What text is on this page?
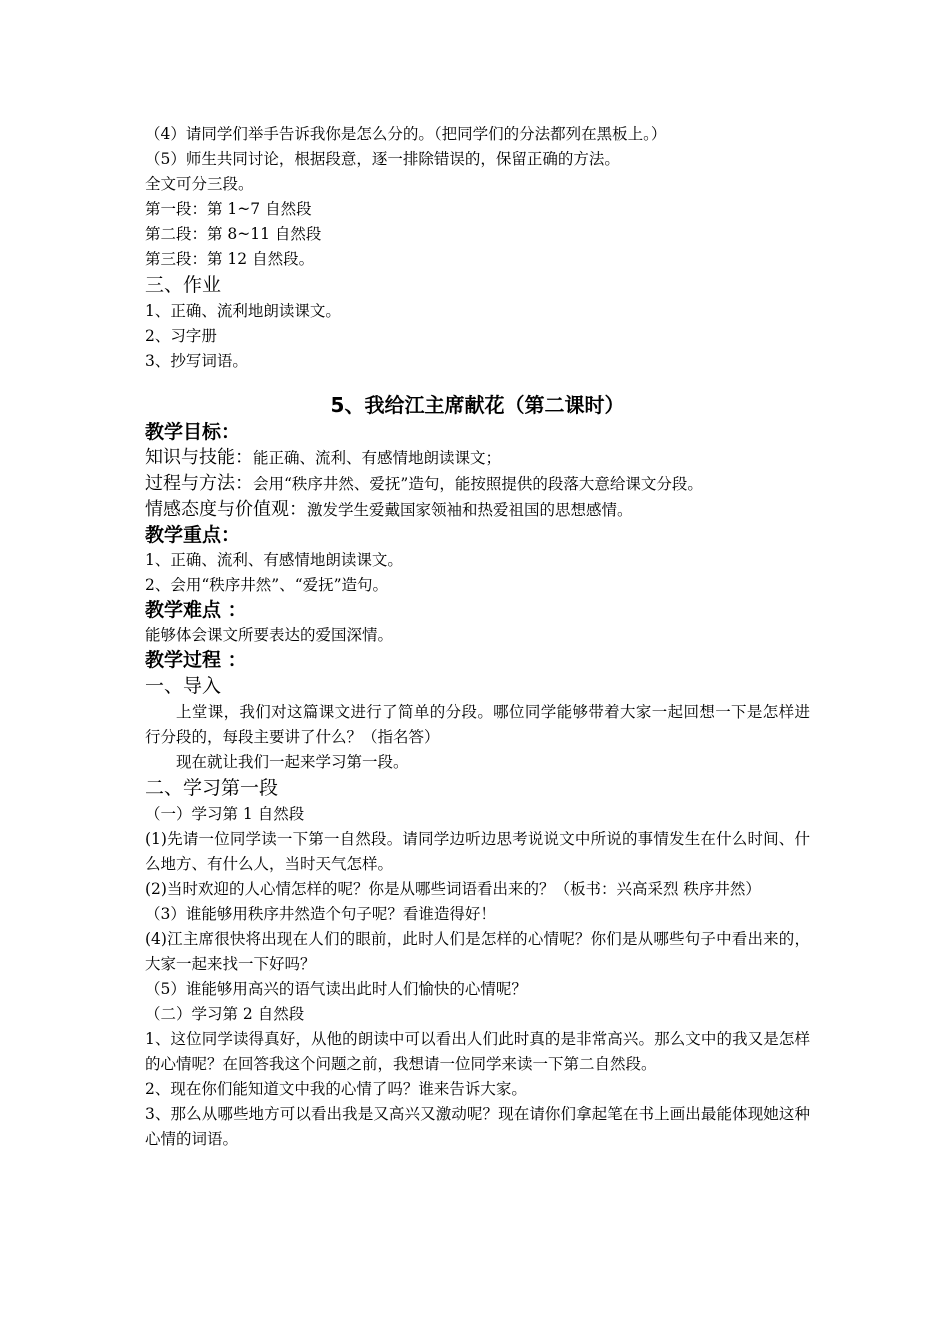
（4）请同学们举手告诉我你是怎么分的。（把同学们的分法都列在黑板上。）
（5）师生共同讨论，根据段意，逐一排除错误的，保留正确的方法。
全文可分三段。
第一段：第 1~7 自然段
第二段：第 8~11 自然段
第三段：第 12 自然段。
三、作业
1、正确、流利地朗读课文。
2、习字册
3、抄写词语。
5、我给江主席献花（第二课时）
教学目标：
知识与技能：能正确、流利、有感情地朗读课文；
过程与方法：会用“秩序井然、爱抚”造句，能按照提供的段落大意给课文分段。
情感态度与价值观：激发学生爱戴国家领袖和热爱祖国的思想感情。
教学重点：
1、正确、流利、有感情地朗读课文。
2、会用“秩序井然”、“爱抚”造句。
教学难点 ：
能够体会课文所要表达的爱国深情。
教学过程 ：
一、导入
上堂课，我们对这篇课文进行了简单的分段。哪位同学能够带着大家一起回想一下是怎样进行分段的，每段主要讲了什么？（指名答）
现在就让我们一起来学习第一段。
二、学习第一段
（一）学习第 1 自然段
(1)先请一位同学读一下第一自然段。请同学边听边思考说说文中所说的事情发生在什么时间、什么地方、有什么人，当时天气怎样。
(2)当时欢迎的人心情怎样的呢？你是从哪些词语看出来的？（板书：兴高采烈 秩序井然）
（3）谁能够用秩序井然造个句子呢？看谁造得好！
(4)江主席很快将出现在人们的眼前，此时人们是怎样的心情呢？你们是从哪些句子中看出来的，大家一起来找一下好吗？
（5）谁能够用高兴的语气读出此时人们愉快的心情呢？
（二）学习第 2 自然段
1、这位同学读得真好，从他的朗读中可以看出人们此时真的是非常高兴。那么文中的我又是怎样的心情呢？在回答我这个问题之前，我想请一位同学来读一下第二自然段。
2、现在你们能知道文中我的心情了吗？谁来告诉大家。
3、那么从哪些地方可以看出我是又高兴又激动呢？现在请你们拿起笔在书上画出最能体现她这种心情的词语。
